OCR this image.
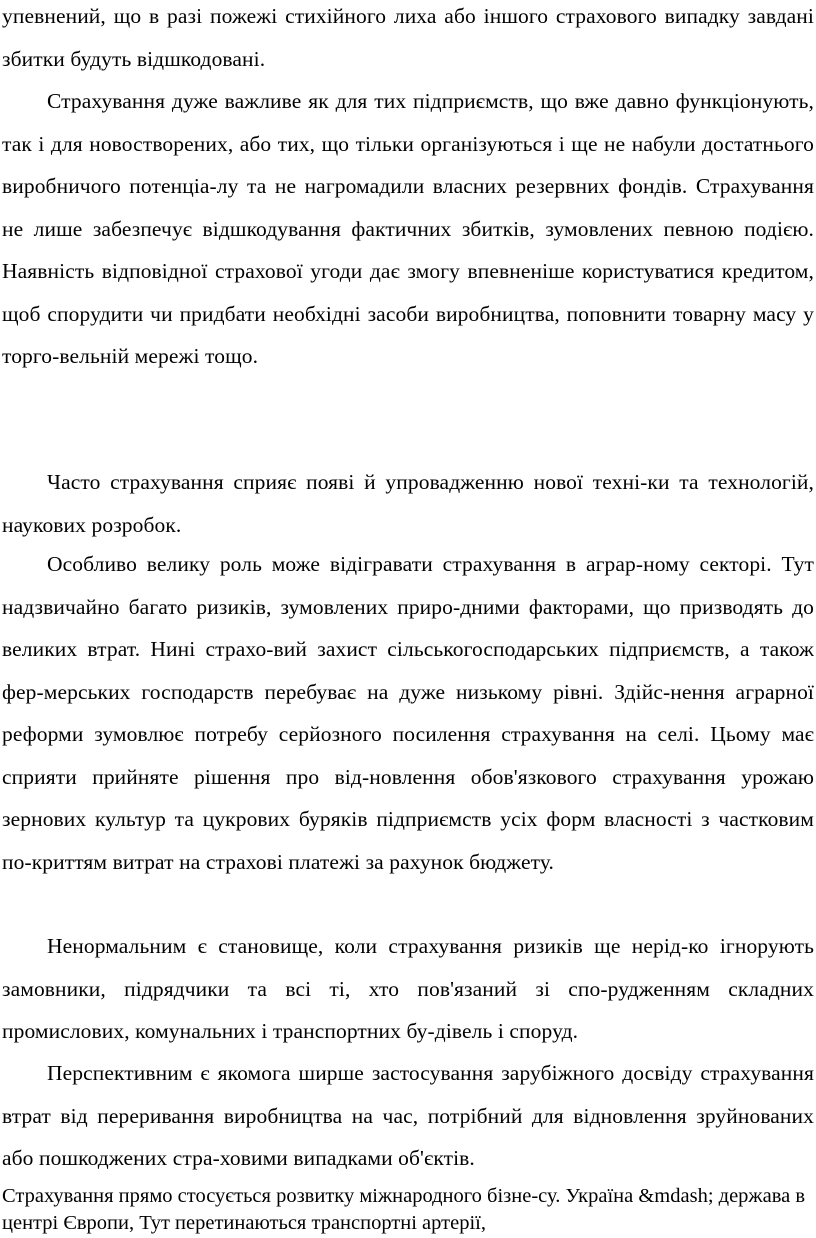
упевнений, що в разі пожежі стихійного лиха або іншого страхового випадку завдані збитки будуть відшкодовані.

Страхування дуже важливе як для тих підприємств, що вже давно функціонують, так і для новостворених, або тих, що тільки організуються і ще не набули достатнього виробничого потенціа-лу та не нагромадили власних резервних фондів. Страхування не лише забезпечує відшкодування фактичних збитків, зумовлених певною подією. Наявність відповідної страхової угоди дає змогу впевненіше користуватися кредитом, щоб спорудити чи придбати необхідні засоби виробництва, поповнити товарну масу у торго-вельній мережі тощо.

Часто страхування сприяє появі й упровадженню нової техні-ки та технологій, наукових розробок.

Особливо велику роль може відігравати страхування в аграр-ному секторі. Тут надзвичайно багато ризиків, зумовлених приро-дними факторами, що призводять до великих втрат. Нині страхо-вий захист сільськогосподарських підприємств, а також фер-мерських господарств перебуває на дуже низькому рівні. Здійс-нення аграрної реформи зумовлює потребу серйозного посилення страхування на селі. Цьому має сприяти прийняте рішення про від-новлення обов'язкового страхування урожаю зернових культур та цукрових буряків підприємств усіх форм власності з частковим по-криттям витрат на страхові платежі за рахунок бюджету.

Ненормальним є становище, коли страхування ризиків ще нерід-ко ігнорують замовники, підрядчики та всі ті, хто пов'язаний зі спо-рудженням складних промислових, комунальних і транспортних бу-дівель і споруд.

Перспективним є якомога ширше застосування зарубіжного досвіду страхування втрат від переривання виробництва на час, потрібний для відновлення зруйнованих або пошкоджених стра-ховими випадками об'єктів.

Страхування прямо стосується розвитку міжнародного бізне-су. Україна &mdash; держава в центрі Європи, Тут перетинаються транспортні артерії,
